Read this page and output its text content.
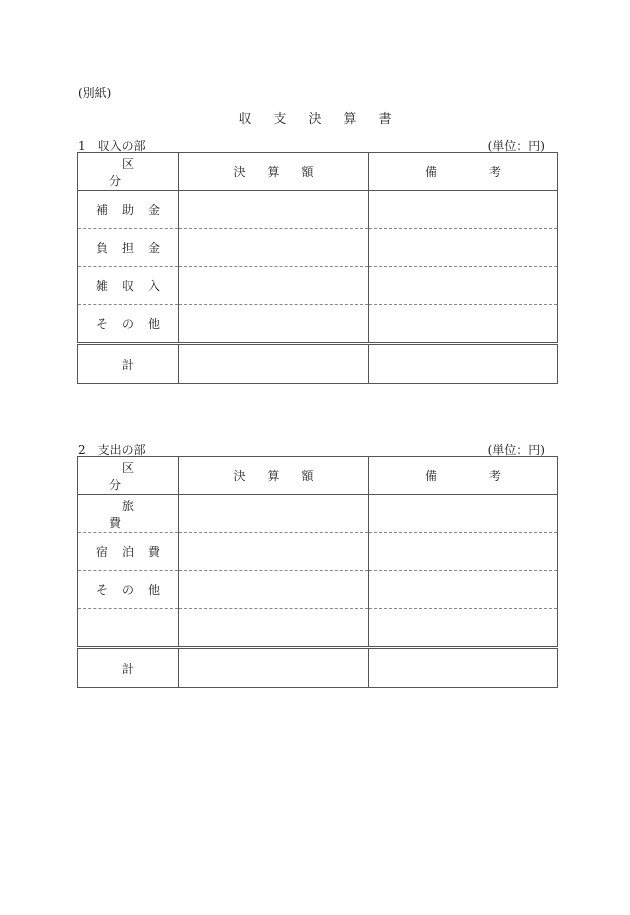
(別紙)
収支決算書
1 収入の部	(単位：円)
区分	決算額	備考
補助金		
負担金		
雑収入		
その他		
計		
2 支出の部	(単位：円)
区分	決算額	備考
旅費		
宿泊費		
その他		

計		
